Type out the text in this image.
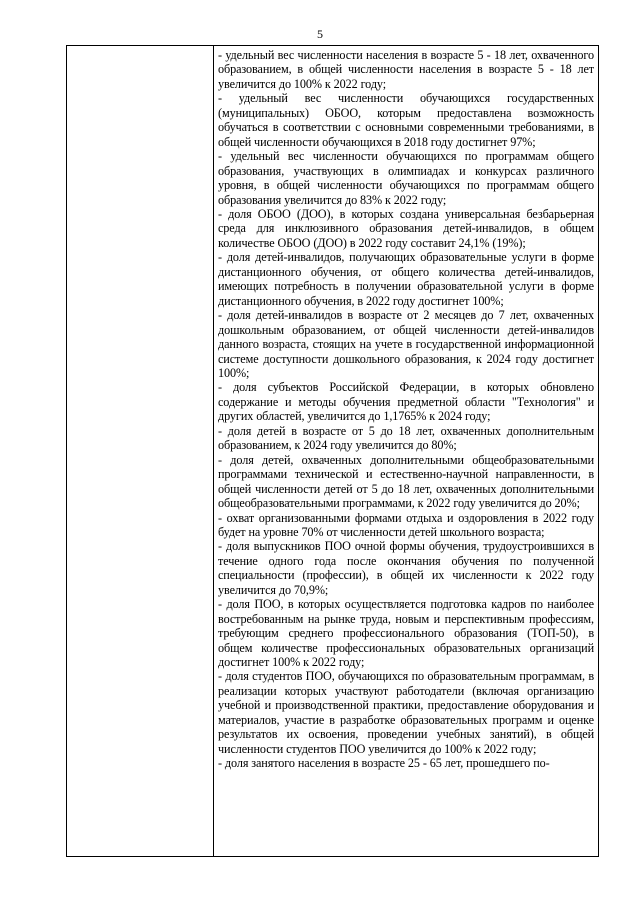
5

- удельный вес численности населения в возрасте 5 - 18 лет, охваченного образованием, в общей численности населения в возрасте 5 - 18 лет увеличится до 100% к 2022 году;

- удельный вес численности обучающихся государственных (муниципальных) ОБОО, которым предоставлена возможность обучаться в соответствии с основными современными требованиями, в общей численности обучающихся в 2018 году достигнет 97%;

- удельный вес численности обучающихся по программам общего образования, участвующих в олимпиадах и конкурсах различного уровня, в общей численности обучающихся по программам общего образования увеличится до 83% к 2022 году;

- доля ОБОО (ДОО), в которых создана универсальная безбарьерная среда для инклюзивного образования детей-инвалидов, в общем количестве ОБОО (ДОО) в 2022 году составит 24,1% (19%);

- доля детей-инвалидов, получающих образовательные услуги в форме дистанционного обучения, от общего количества детей-инвалидов, имеющих потребность в получении образовательной услуги в форме дистанционного обучения, в 2022 году достигнет 100%;

- доля детей-инвалидов в возрасте от 2 месяцев до 7 лет, охваченных дошкольным образованием, от общей численности детей-инвалидов данного возраста, стоящих на учете в государственной информационной системе доступности дошкольного образования, к 2024 году достигнет 100%;

- доля субъектов Российской Федерации, в которых обновлено содержание и методы обучения предметной области "Технология" и других областей, увеличится до 1,1765% к 2024 году;

- доля детей в возрасте от 5 до 18 лет, охваченных дополнительным образованием, к 2024 году увеличится до 80%;

- доля детей, охваченных дополнительными общеобразовательными программами технической и естественно-научной направленности, в общей численности детей от 5 до 18 лет, охваченных дополнительными общеобразовательными программами, к 2022 году увеличится до 20%;

- охват организованными формами отдыха и оздоровления в 2022 году будет на уровне 70% от численности детей школьного возраста;

- доля выпускников ПОО очной формы обучения, трудоустроившихся в течение одного года после окончания обучения по полученной специальности (профессии), в общей их численности к 2022 году увеличится до 70,9%;

- доля ПОО, в которых осуществляется подготовка кадров по наиболее востребованным на рынке труда, новым и перспективным профессиям, требующим среднего профессионального образования (ТОП-50), в общем количестве профессиональных образовательных организаций достигнет 100% к 2022 году;

- доля студентов ПОО, обучающихся по образовательным программам, в реализации которых участвуют работодатели (включая организацию учебной и производственной практики, предоставление оборудования и материалов, участие в разработке образовательных программ и оценке результатов их освоения, проведении учебных занятий), в общей численности студентов ПОО увеличится до 100% к 2022 году;

- доля занятого населения в возрасте 25 - 65 лет, прошедшего по-
